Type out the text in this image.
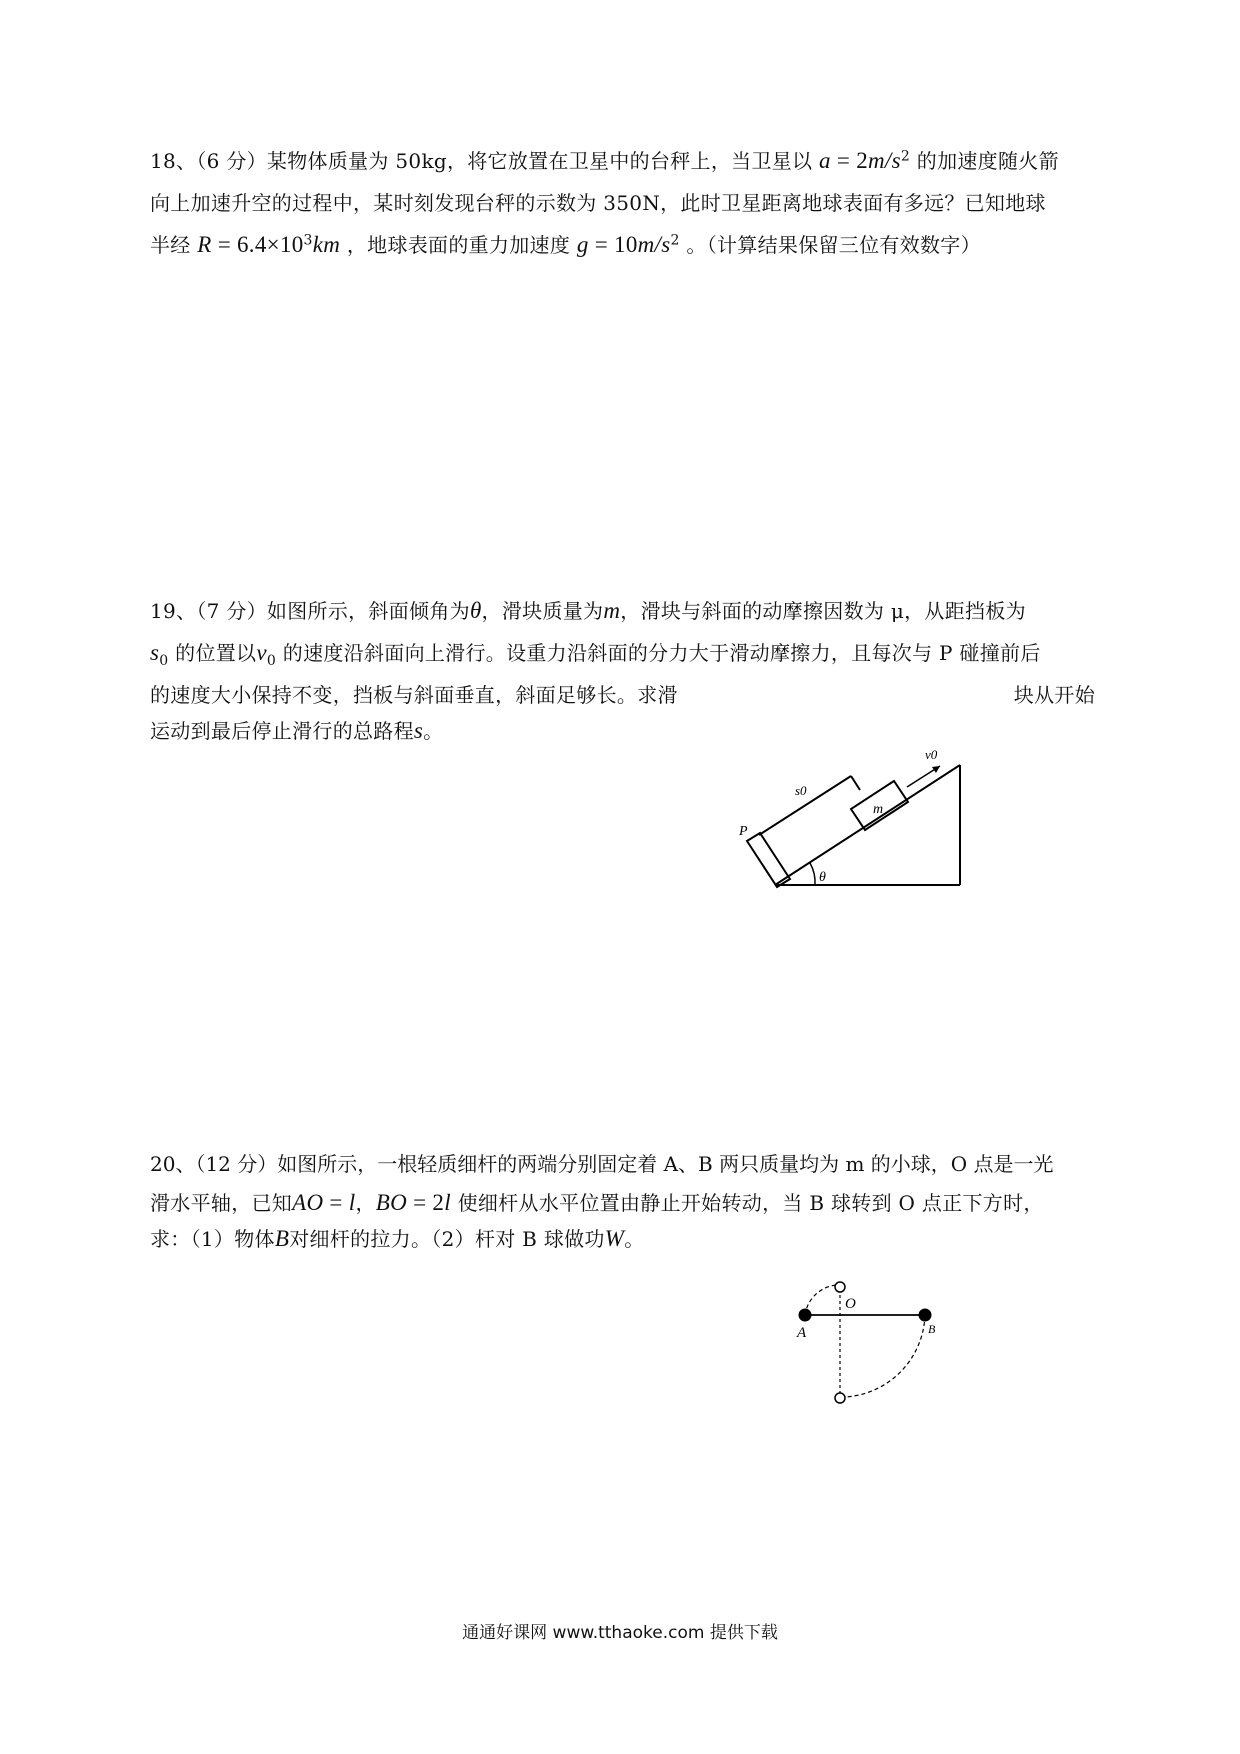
18、（6 分）某物体质量为 50kg，将它放置在卫星中的台秤上，当卫星以 $a = 2m/s^2$ 的加速度随火箭

向上加速升空的过程中，某时刻发现台秤的示数为 350N，此时卫星距离地球表面有多远？已知地球

半经 $R = 6.4\times 10^3km$ ，地球表面的重力加速度 $g = 10m/s^2$ 。（计算结果保留三位有效数字）

19、（7 分）如图所示，斜面倾角为θ，滑块质量为m，滑块与斜面的动摩擦因数为 μ，从距挡板为

$s_0$ 的位置以$v_0$ 的速度沿斜面向上滑行。设重力沿斜面的分力大于滑动摩擦力，且每次与 P 碰撞前后

的速度大小保持不变，挡板与斜面垂直，斜面足够长。求滑	块从开始

运动到最后停止滑行的总路程s。

v0
s0
m
P
θ

20、（12 分）如图所示，一根轻质细杆的两端分别固定着 A、B 两只质量均为 m 的小球，O 点是一光

滑水平轴，已知AO = l，BO = 2l 使细杆从水平位置由静止开始转动，当 B 球转到 O 点正下方时，

求：（1）物体B对细杆的拉力。（2）杆对 B 球做功W。

A
O
B
通通好课网 www.tthaoke.com 提供下载
